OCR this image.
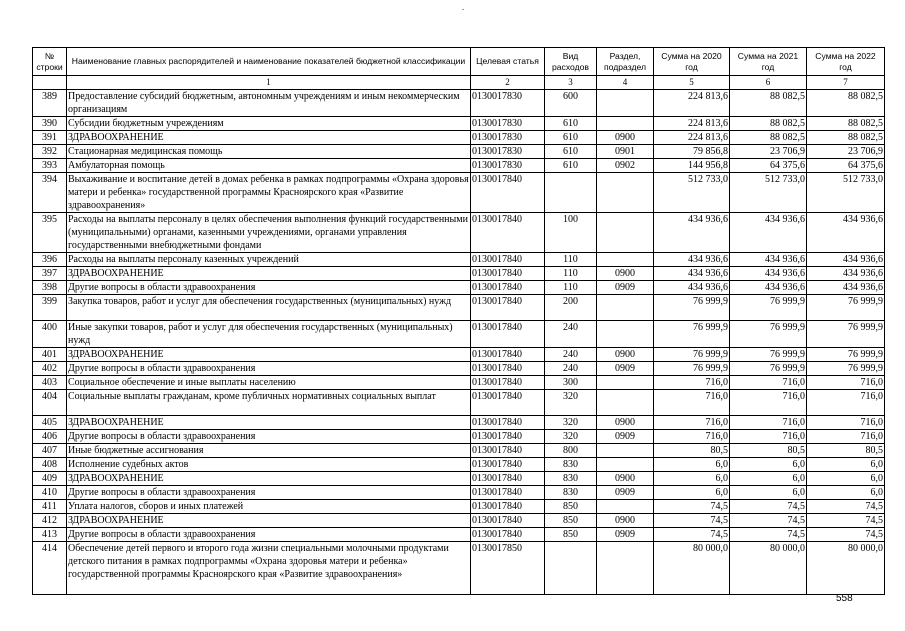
№ строки	Наименование главных распорядителей и наименование показателей бюджетной классификации	Целевая статья	Вид расходов	Раздел, подраздел	Сумма на 2020 год	Сумма на 2021 год	Сумма на 2022 год
	1	2	3	4	5	6	7
389	Предоставление субсидий бюджетным, автономным учреждениям и иным некоммерческим организациям	0130017830	600		224 813,6	88 082,5	88 082,5
390	Субсидии бюджетным учреждениям	0130017830	610		224 813,6	88 082,5	88 082,5
391	ЗДРАВООХРАНЕНИЕ	0130017830	610	0900	224 813,6	88 082,5	88 082,5
392	Стационарная медицинская помощь	0130017830	610	0901	79 856,8	23 706,9	23 706,9
393	Амбулаторная помощь	0130017830	610	0902	144 956,8	64 375,6	64 375,6
394	Выхаживание и воспитание детей в домах ребенка в рамках подпрограммы «Охрана здоровья матери и ребенка» государственной программы Красноярского края «Развитие здравоохранения»	0130017840			512 733,0	512 733,0	512 733,0
395	Расходы на выплаты персоналу в целях обеспечения выполнения функций государственными (муниципальными) органами, казенными учреждениями, органами управления государственными внебюджетными фондами	0130017840	100		434 936,6	434 936,6	434 936,6
396	Расходы на выплаты персоналу казенных учреждений	0130017840	110		434 936,6	434 936,6	434 936,6
397	ЗДРАВООХРАНЕНИЕ	0130017840	110	0900	434 936,6	434 936,6	434 936,6
398	Другие вопросы в области здравоохранения	0130017840	110	0909	434 936,6	434 936,6	434 936,6
399	Закупка товаров, работ и услуг для обеспечения государственных (муниципальных) нужд	0130017840	200		76 999,9	76 999,9	76 999,9
400	Иные закупки товаров, работ и услуг для обеспечения государственных (муниципальных) нужд	0130017840	240		76 999,9	76 999,9	76 999,9
401	ЗДРАВООХРАНЕНИЕ	0130017840	240	0900	76 999,9	76 999,9	76 999,9
402	Другие вопросы в области здравоохранения	0130017840	240	0909	76 999,9	76 999,9	76 999,9
403	Социальное обеспечение и иные выплаты населению	0130017840	300		716,0	716,0	716,0
404	Социальные выплаты гражданам, кроме публичных нормативных социальных выплат	0130017840	320		716,0	716,0	716,0
405	ЗДРАВООХРАНЕНИЕ	0130017840	320	0900	716,0	716,0	716,0
406	Другие вопросы в области здравоохранения	0130017840	320	0909	716,0	716,0	716,0
407	Иные бюджетные ассигнования	0130017840	800		80,5	80,5	80,5
408	Исполнение судебных актов	0130017840	830		6,0	6,0	6,0
409	ЗДРАВООХРАНЕНИЕ	0130017840	830	0900	6,0	6,0	6,0
410	Другие вопросы в области здравоохранения	0130017840	830	0909	6,0	6,0	6,0
411	Уплата налогов, сборов и иных платежей	0130017840	850		74,5	74,5	74,5
412	ЗДРАВООХРАНЕНИЕ	0130017840	850	0900	74,5	74,5	74,5
413	Другие вопросы в области здравоохранения	0130017840	850	0909	74,5	74,5	74,5
414	Обеспечение детей первого и второго года жизни специальными молочными продуктами детского питания в рамках подпрограммы «Охрана здоровья матери и ребенка» государственной программы Красноярского края «Развитие здравоохранения»	0130017850			80 000,0	80 000,0	80 000,0
558
